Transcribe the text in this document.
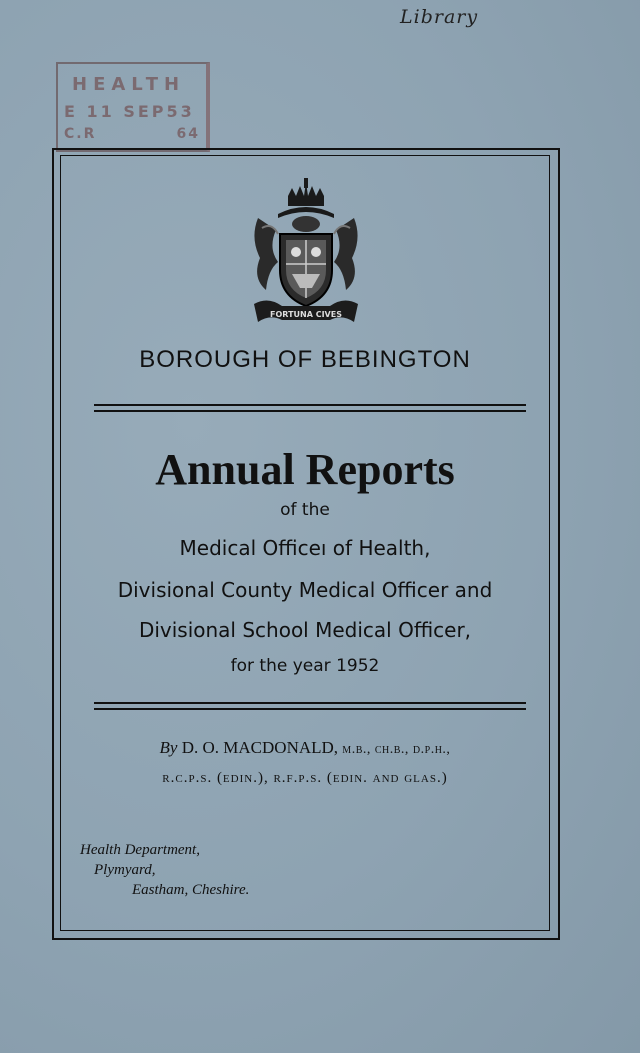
Library
HEALTH
E 11 SEP53
C.R	64
FORTUNA CIVES
BOROUGH OF BEBINGTON
Annual Reports
of the
Medical Officeı of Health,
Divisional County Medical Officer and
Divisional School Medical Officer,
for the year 1952
By D. O. MACDONALD, m.b., ch.b., d.p.h.,
r.c.p.s. (edin.), r.f.p.s. (edin. and glas.)
Health Department,
Plymyard,
Eastham, Cheshire.
